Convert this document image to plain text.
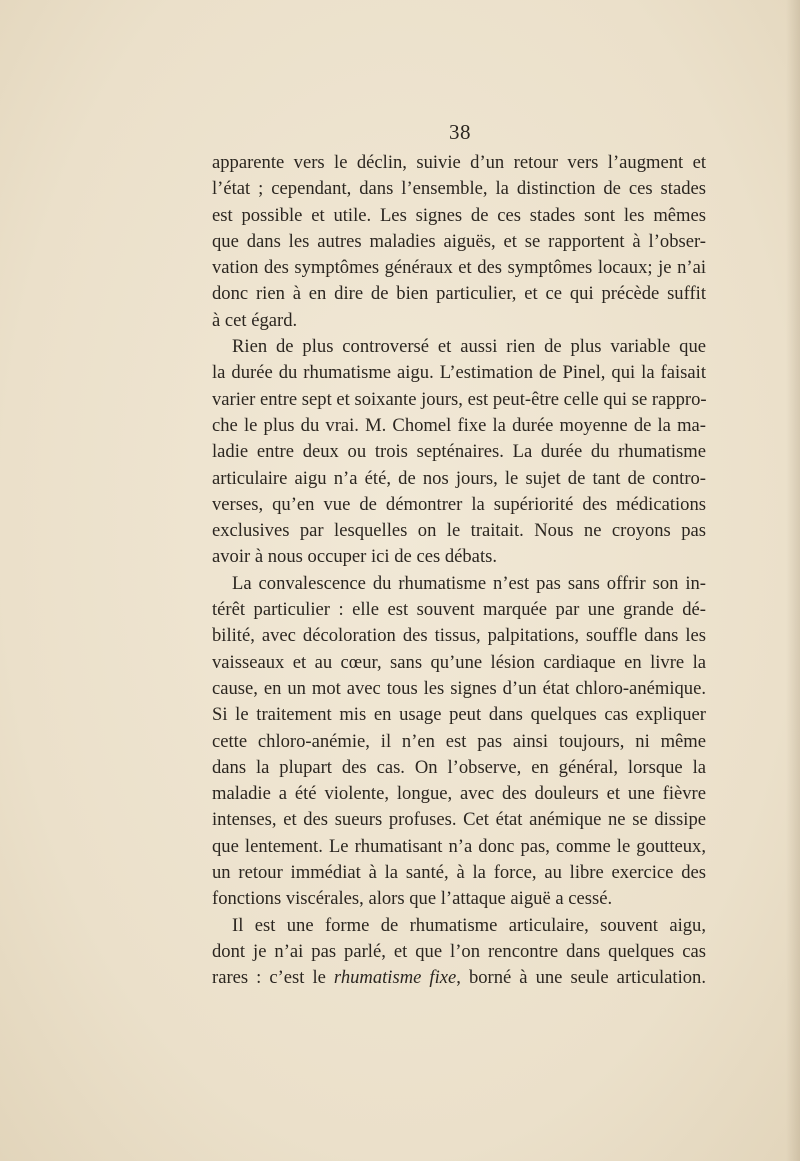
38
apparente vers le déclin, suivie d’un retour vers l’augment et
l’état ; cependant, dans l’ensemble, la distinction de ces stades
est possible et utile. Les signes de ces stades sont les mêmes
que dans les autres maladies aiguës, et se rapportent à l’obser-
vation des symptômes généraux et des symptômes locaux; je n’ai
donc rien à en dire de bien particulier, et ce qui précède suffit
à cet égard.
Rien de plus controversé et aussi rien de plus variable que
la durée du rhumatisme aigu. L’estimation de Pinel, qui la faisait
varier entre sept et soixante jours, est peut-être celle qui se rappro-
che le plus du vrai. M. Chomel fixe la durée moyenne de la ma-
ladie entre deux ou trois septénaires. La durée du rhumatisme
articulaire aigu n’a été, de nos jours, le sujet de tant de contro-
verses, qu’en vue de démontrer la supériorité des médications
exclusives par lesquelles on le traitait. Nous ne croyons pas
avoir à nous occuper ici de ces débats.
La convalescence du rhumatisme n’est pas sans offrir son in-
térêt particulier : elle est souvent marquée par une grande dé-
bilité, avec décoloration des tissus, palpitations, souffle dans les
vaisseaux et au cœur, sans qu’une lésion cardiaque en livre la
cause, en un mot avec tous les signes d’un état chloro-anémique.
Si le traitement mis en usage peut dans quelques cas expliquer
cette chloro-anémie, il n’en est pas ainsi toujours, ni même
dans la plupart des cas. On l’observe, en général, lorsque la
maladie a été violente, longue, avec des douleurs et une fièvre
intenses, et des sueurs profuses. Cet état anémique ne se dissipe
que lentement. Le rhumatisant n’a donc pas, comme le goutteux,
un retour immédiat à la santé, à la force, au libre exercice des
fonctions viscérales, alors que l’attaque aiguë a cessé.
Il est une forme de rhumatisme articulaire, souvent aigu,
dont je n’ai pas parlé, et que l’on rencontre dans quelques cas
rares : c’est le rhumatisme fixe, borné à une seule articulation.
